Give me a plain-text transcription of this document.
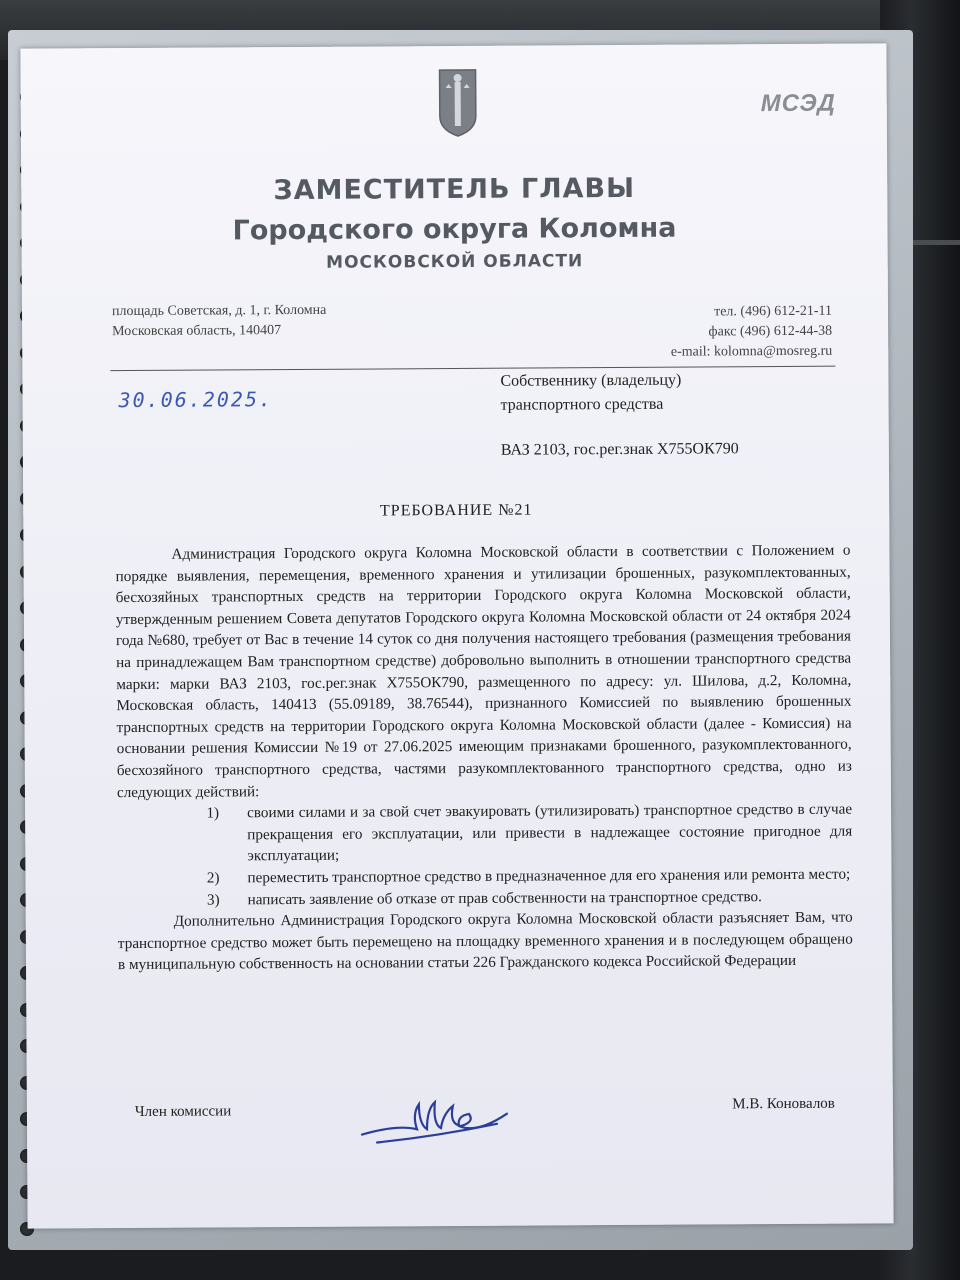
МСЭД
ЗАМЕСТИТЕЛЬ ГЛАВЫ
Городского округа Коломна
МОСКОВСКОЙ ОБЛАСТИ
площадь Советская, д. 1, г. Коломна
Московская область, 140407
тел. (496) 612-21-11
факс (496) 612-44-38
e-mail: kolomna@mosreg.ru
30.06.2025.
Собственнику (владельцу)
транспортного средства
ВАЗ 2103, гос.рег.знак Х755ОК790
ТРЕБОВАНИЕ №21

Администрация Городского округа Коломна Московской области в соответствии с Положением о порядке выявления, перемещения, временного хранения и утилизации брошенных, разукомплектованных, бесхозяйных транспортных средств на территории Городского округа Коломна Московской области, утвержденным решением Совета депутатов Городского округа Коломна Московской области от 24 октября 2024 года №680, требует от Вас в течение 14 суток со дня получения настоящего требования (размещения требования на принадлежащем Вам транспортном средстве) добровольно выполнить в отношении транспортного средства марки: марки ВАЗ 2103, гос.рег.знак Х755ОК790, размещенного по адресу: ул. Шилова, д.2, Коломна, Московская область, 140413 (55.09189, 38.76544), признанного Комиссией по выявлению брошенных транспортных средств на территории Городского округа Коломна Московской области (далее - Комиссия) на основании решения Комиссии №19 от 27.06.2025 имеющим признаками брошенного, разукомплектованного, бесхозяйного транспортного средства, частями разукомплектованного транспортного средства, одно из следующих действий:

1)	своими силами и за свой счет эвакуировать (утилизировать) транспортное средство в случае прекращения его эксплуатации, или привести в надлежащее состояние пригодное для эксплуатации;
2)	переместить транспортное средство в предназначенное для его хранения или ремонта место;
3)	написать заявление об отказе от прав собственности на транспортное средство.

Дополнительно Администрация Городского округа Коломна Московской области разъясняет Вам, что транспортное средство может быть перемещено на площадку временного хранения и в последующем обращено в муниципальную собственность на основании статьи 226 Гражданского кодекса Российской Федерации

Член комиссии	М.В. Коновалов
